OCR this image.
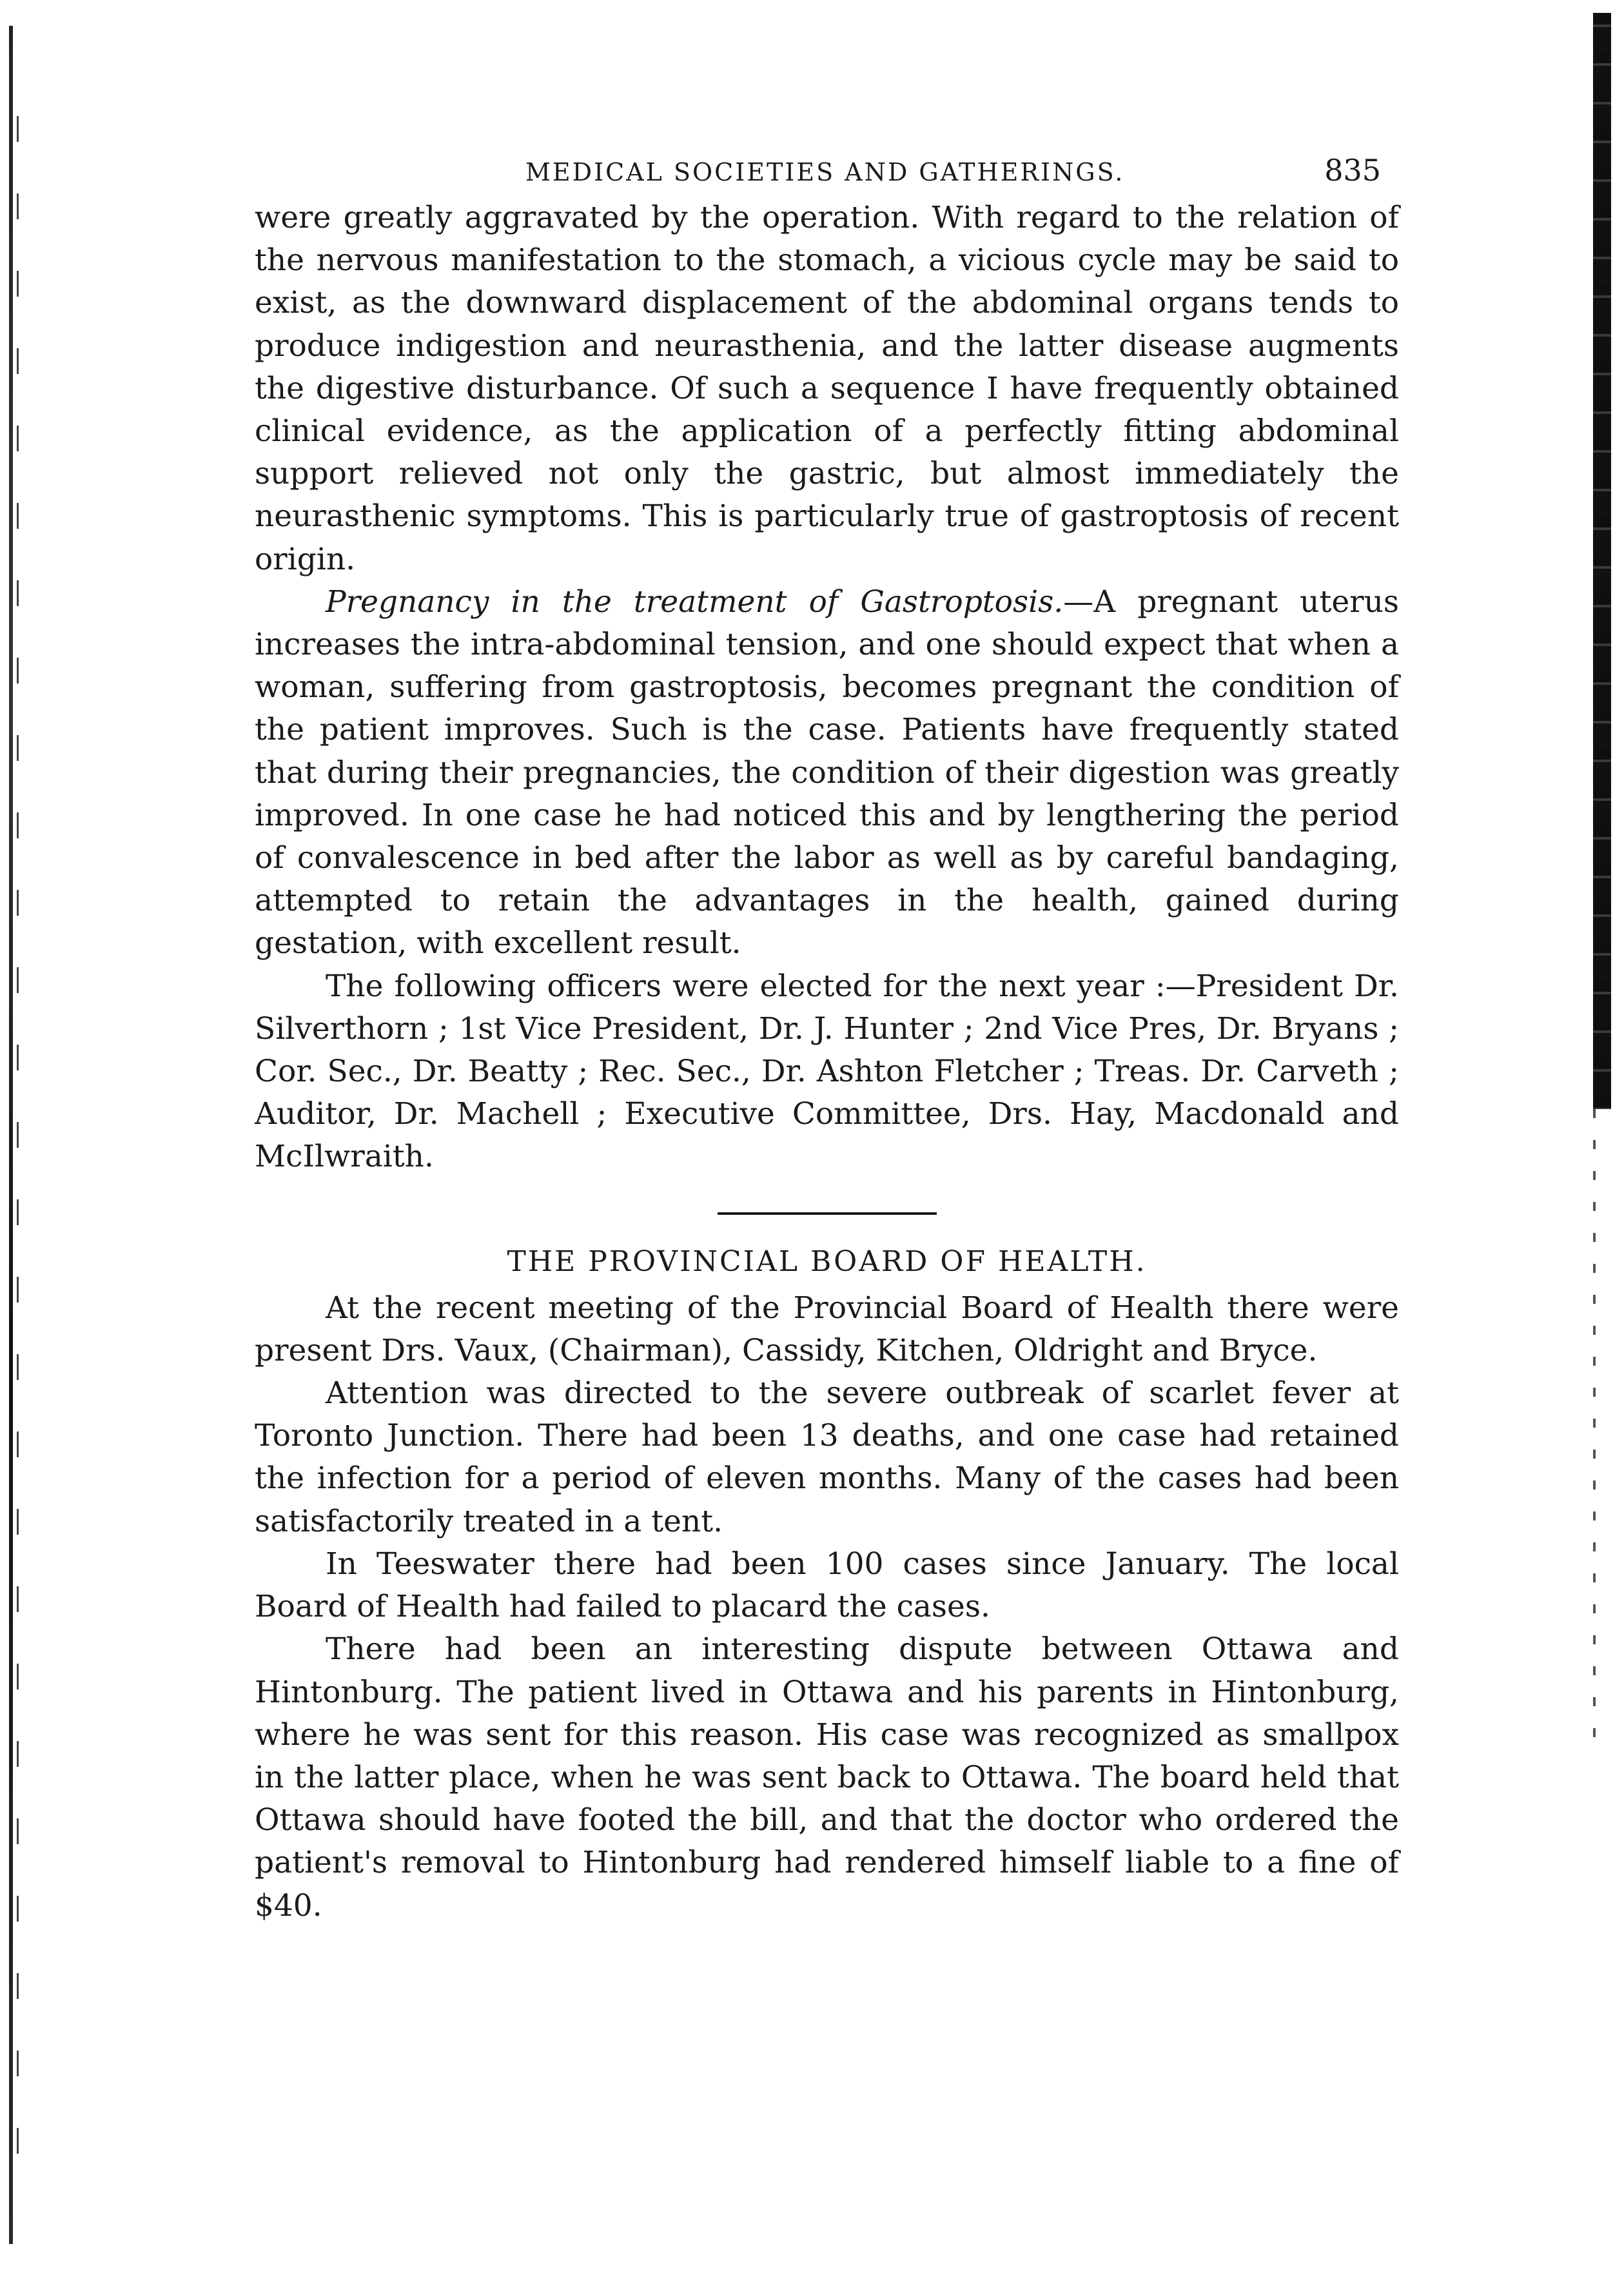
MEDICAL SOCIETIES AND GATHERINGS.	835

were greatly aggravated by the operation. With regard to the relation of the nervous manifestation to the stomach, a vicious cycle may be said to exist, as the downward displacement of the abdominal organs tends to produce indigestion and neurasthenia, and the latter disease augments the digestive disturbance. Of such a sequence I have frequently obtained clinical evidence, as the application of a perfectly fitting abdominal support relieved not only the gastric, but almost immediately the neurasthenic symptoms. This is particularly true of gastroptosis of recent origin.

Pregnancy in the treatment of Gastroptosis.—A pregnant uterus increases the intra-abdominal tension, and one should expect that when a woman, suffering from gastroptosis, becomes pregnant the condition of the patient improves. Such is the case. Patients have frequently stated that during their pregnancies, the condition of their digestion was greatly improved. In one case he had noticed this and by lengthering the period of convalescence in bed after the labor as well as by careful bandaging, attempted to retain the advantages in the health, gained during gestation, with excellent result.

The following officers were elected for the next year :—President Dr. Silverthorn ; 1st Vice President, Dr. J. Hunter ; 2nd Vice Pres, Dr. Bryans ; Cor. Sec., Dr. Beatty ; Rec. Sec., Dr. Ashton Fletcher ; Treas. Dr. Carveth ; Auditor, Dr. Machell ; Executive Committee, Drs. Hay, Macdonald and McIlwraith.

THE PROVINCIAL BOARD OF HEALTH.

At the recent meeting of the Provincial Board of Health there were present Drs. Vaux, (Chairman), Cassidy, Kitchen, Oldright and Bryce.

Attention was directed to the severe outbreak of scarlet fever at Toronto Junction. There had been 13 deaths, and one case had retained the infection for a period of eleven months. Many of the cases had been satisfactorily treated in a tent.

In Teeswater there had been 100 cases since January. The local Board of Health had failed to placard the cases.

There had been an interesting dispute between Ottawa and Hintonburg. The patient lived in Ottawa and his parents in Hintonburg, where he was sent for this reason. His case was recognized as smallpox in the latter place, when he was sent back to Ottawa. The board held that Ottawa should have footed the bill, and that the doctor who ordered the patient's removal to Hintonburg had rendered himself liable to a fine of $40.
